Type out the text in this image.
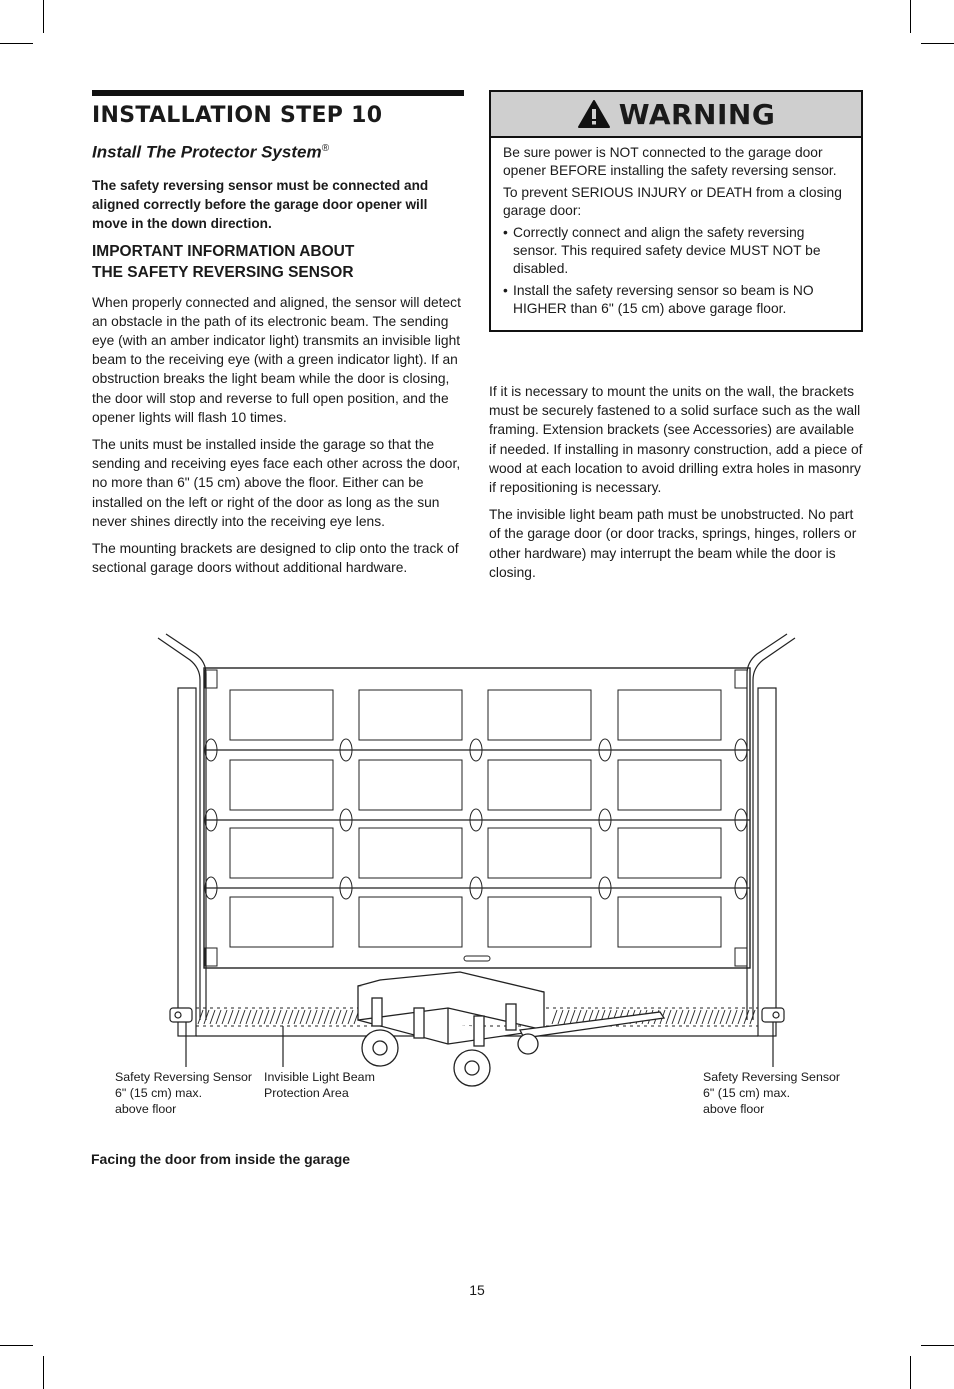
INSTALLATION STEP 10
Install The Protector System®

The safety reversing sensor must be connected and aligned correctly before the garage door opener will move in the down direction.

IMPORTANT INFORMATION ABOUT
THE SAFETY REVERSING SENSOR

When properly connected and aligned, the sensor will detect an obstacle in the path of its electronic beam. The sending eye (with an amber indicator light) transmits an invisible light beam to the receiving eye (with a green indicator light). If an obstruction breaks the light beam while the door is closing, the door will stop and reverse to full open position, and the opener lights will flash 10 times.

The units must be installed inside the garage so that the sending and receiving eyes face each other across the door, no more than 6" (15 cm) above the floor. Either can be installed on the left or right of the door as long as the sun never shines directly into the receiving eye lens.

The mounting brackets are designed to clip onto the track of sectional garage doors without additional hardware.

WARNING

Be sure power is NOT connected to the garage door opener BEFORE installing the safety reversing sensor.

To prevent SERIOUS INJURY or DEATH from a closing garage door:

• Correctly connect and align the safety reversing sensor. This required safety device MUST NOT be disabled.
• Install the safety reversing sensor so beam is NO HIGHER than 6" (15 cm) above garage floor.

If it is necessary to mount the units on the wall, the brackets must be securely fastened to a solid surface such as the wall framing. Extension brackets (see Accessories) are available if needed. If installing in masonry construction, add a piece of wood at each location to avoid drilling extra holes in masonry if repositioning is necessary.

The invisible light beam path must be unobstructed. No part of the garage door (or door tracks, springs, hinges, rollers or other hardware) may interrupt the beam while the door is closing.

Safety Reversing Sensor
6" (15 cm) max.
above floor
Invisible Light Beam
Protection Area
Safety Reversing Sensor
6" (15 cm) max.
above floor
Facing the door from inside the garage
15
